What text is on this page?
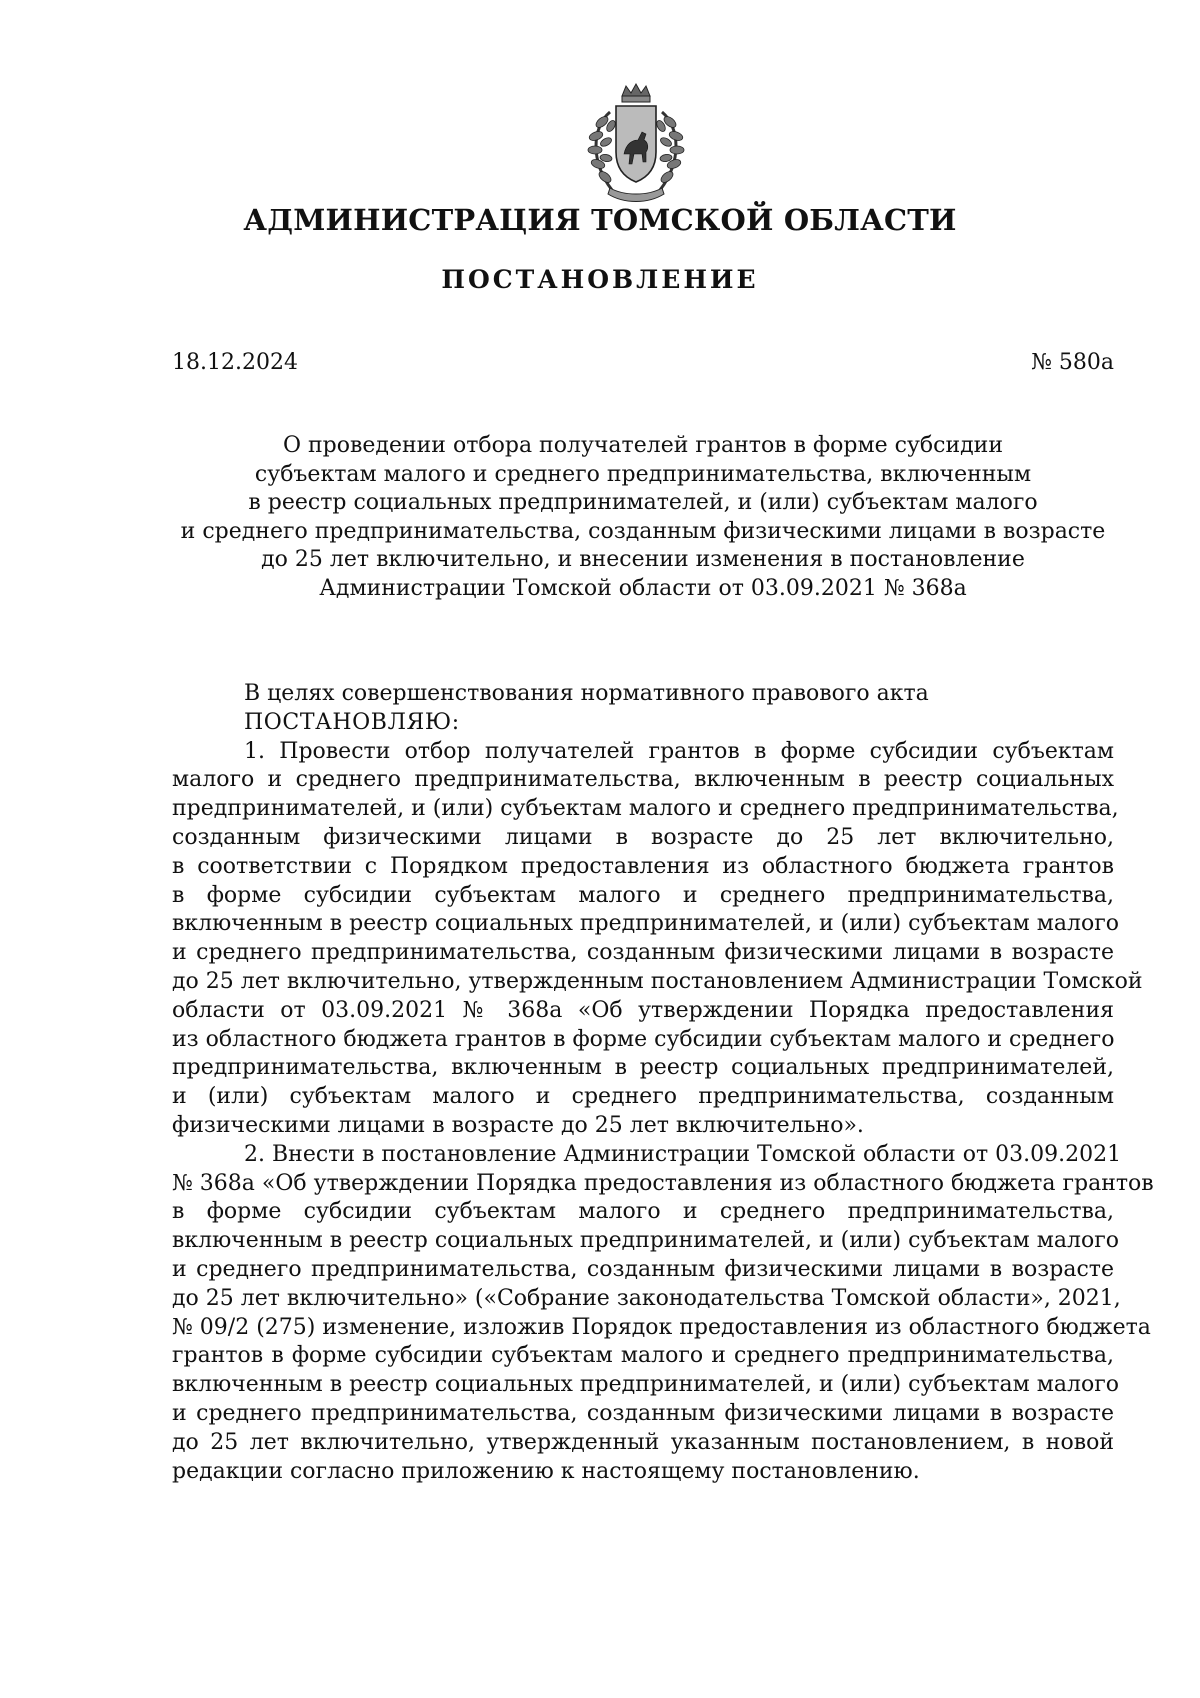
АДМИНИСТРАЦИЯ ТОМСКОЙ ОБЛАСТИ
ПОСТАНОВЛЕНИЕ
18.12.2024	№ 580а
О проведении отбора получателей грантов в форме субсидии
субъектам малого и среднего предпринимательства, включенным
в реестр социальных предпринимателей, и (или) субъектам малого
и среднего предпринимательства, созданным физическими лицами в возрасте
до 25 лет включительно, и внесении изменения в постановление
Администрации Томской области от 03.09.2021 № 368а

В целях совершенствования нормативного правового акта

ПОСТАНОВЛЯЮ:

1. Провести отбор получателей грантов в форме субсидии субъектам
малого и среднего предпринимательства, включенным в реестр социальных
предпринимателей, и (или) субъектам малого и среднего предпринимательства,
созданным физическими лицами в возрасте до 25 лет включительно,
в соответствии с Порядком предоставления из областного бюджета грантов
в форме субсидии субъектам малого и среднего предпринимательства,
включенным в реестр социальных предпринимателей, и (или) субъектам малого
и среднего предпринимательства, созданным физическими лицами в возрасте
до 25 лет включительно, утвержденным постановлением Администрации Томской
области от 03.09.2021 № 368а «Об утверждении Порядка предоставления
из областного бюджета грантов в форме субсидии субъектам малого и среднего
предпринимательства, включенным в реестр социальных предпринимателей,
и (или) субъектам малого и среднего предпринимательства, созданным
физическими лицами в возрасте до 25 лет включительно».
2. Внести в постановление Администрации Томской области от 03.09.2021
№ 368а «Об утверждении Порядка предоставления из областного бюджета грантов
в форме субсидии субъектам малого и среднего предпринимательства,
включенным в реестр социальных предпринимателей, и (или) субъектам малого
и среднего предпринимательства, созданным физическими лицами в возрасте
до 25 лет включительно» («Собрание законодательства Томской области», 2021,
№ 09/2 (275) изменение, изложив Порядок предоставления из областного бюджета
грантов в форме субсидии субъектам малого и среднего предпринимательства,
включенным в реестр социальных предпринимателей, и (или) субъектам малого
и среднего предпринимательства, созданным физическими лицами в возрасте
до 25 лет включительно, утвержденный указанным постановлением, в новой
редакции согласно приложению к настоящему постановлению.
